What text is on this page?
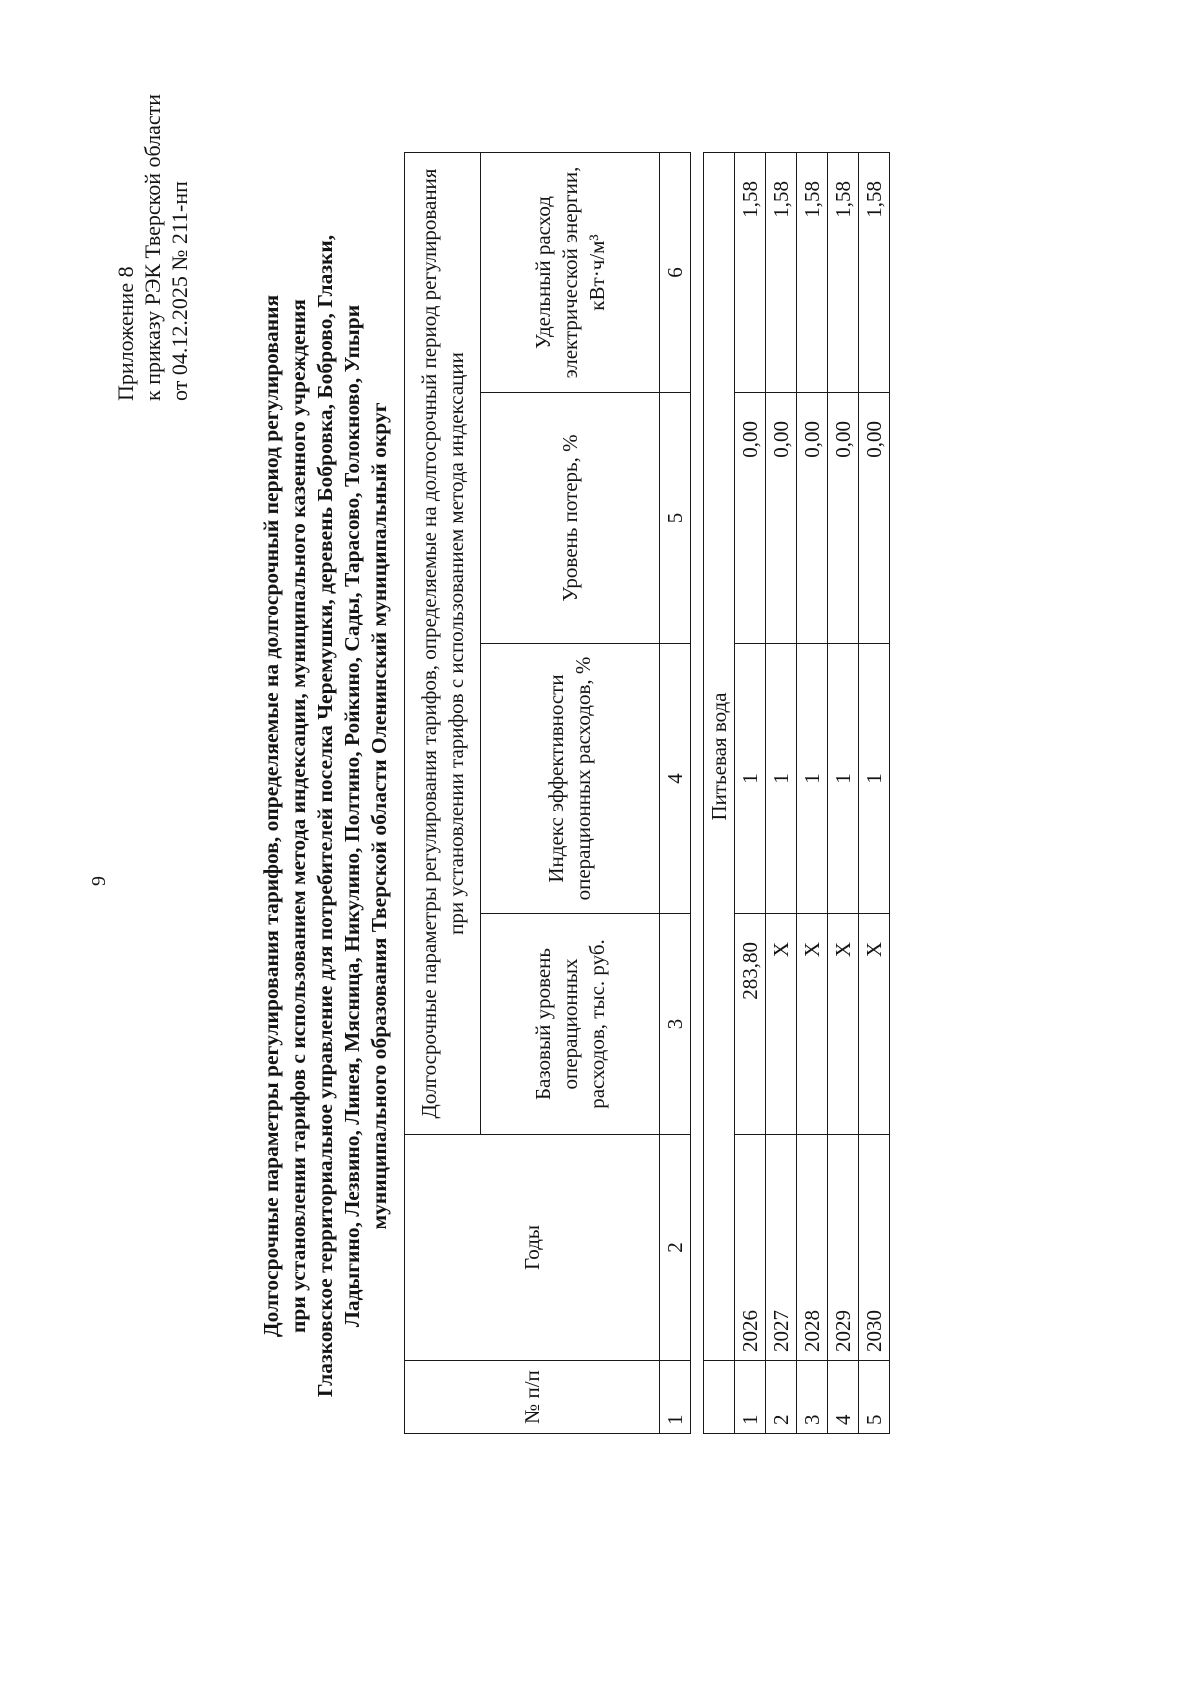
9
Приложение 8 к приказу РЭК Тверской области от 04.12.2025 № 211-нп
Долгосрочные параметры регулирования тарифов, определяемые на долгосрочный период регулирования при установлении тарифов с использованием метода индексации, муниципального казенного учреждения Глазковское территориальное управление для потребителей поселка Черемушки, деревень Бобровка, Боброво, Глазки, Ладыгино, Лезвино, Линея, Мясница, Никулино, Полтино, Ройкино, Сады, Тарасово, Толокново, Упыри муниципального образования Тверской области Оленинский муниципальный округ
№ п/п	Годы	Долгосрочные параметры регулирования тарифов, определяемые на долгосрочный период регулирования при установлении тарифов с использованием метода индексации			
		Базовый уровень операционных расходов, тыс. руб.	Индекс эффективности операционных расходов, %	Уровень потерь, %	Удельный расход электрической энергии, кВт·ч/м³
1	2	3	4	5	6

	Питьевая вода				
1	2026	283,80	1	0,00	1,58
2	2027	Х	1	0,00	1,58
3	2028	Х	1	0,00	1,58
4	2029	Х	1	0,00	1,58
5	2030	Х	1	0,00	1,58
